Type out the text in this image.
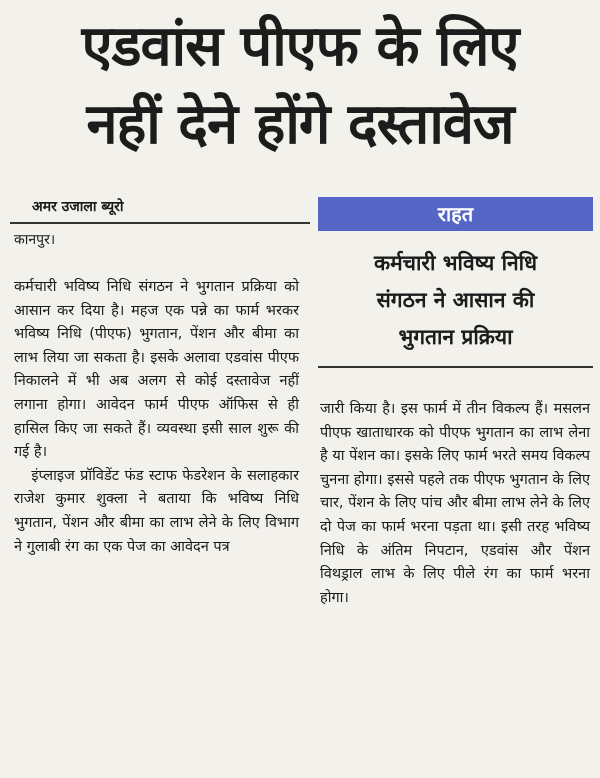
एडवांस पीएफ के लिए
नहीं देने होंगे दस्तावेज
अमर उजाला ब्यूरो
कानपुर।

कर्मचारी भविष्य निधि संगठन ने भुगतान प्रक्रिया को आसान कर दिया है। महज एक पन्ने का फार्म भरकर भविष्य निधि (पीएफ) भुगतान, पेंशन और बीमा का लाभ लिया जा सकता है। इसके अलावा एडवांस पीएफ निकालने में भी अब अलग से कोई दस्तावेज नहीं लगाना होगा। आवेदन फार्म पीएफ ऑफिस से ही हासिल किए जा सकते हैं। व्यवस्था इसी साल शुरू की गई है।

इंप्लाइज प्रॉविडेंट फंड स्टाफ फेडरेशन के सलाहकार राजेश कुमार शुक्ला ने बताया कि भविष्य निधि भुगतान, पेंशन और बीमा का लाभ लेने के लिए विभाग ने गुलाबी रंग का एक पेज का आवेदन पत्र

राहत
कर्मचारी भविष्य निधि
संगठन ने आसान की
भुगतान प्रक्रिया

जारी किया है। इस फार्म में तीन विकल्प हैं। मसलन पीएफ खाताधारक को पीएफ भुगतान का लाभ लेना है या पेंशन का। इसके लिए फार्म भरते समय विकल्प चुनना होगा। इससे पहले तक पीएफ भुगतान के लिए चार, पेंशन के लिए पांच और बीमा लाभ लेने के लिए दो पेज का फार्म भरना पड़ता था। इसी तरह भविष्य निधि के अंतिम निपटान, एडवांस और पेंशन विथड्राल लाभ के लिए पीले रंग का फार्म भरना होगा।
